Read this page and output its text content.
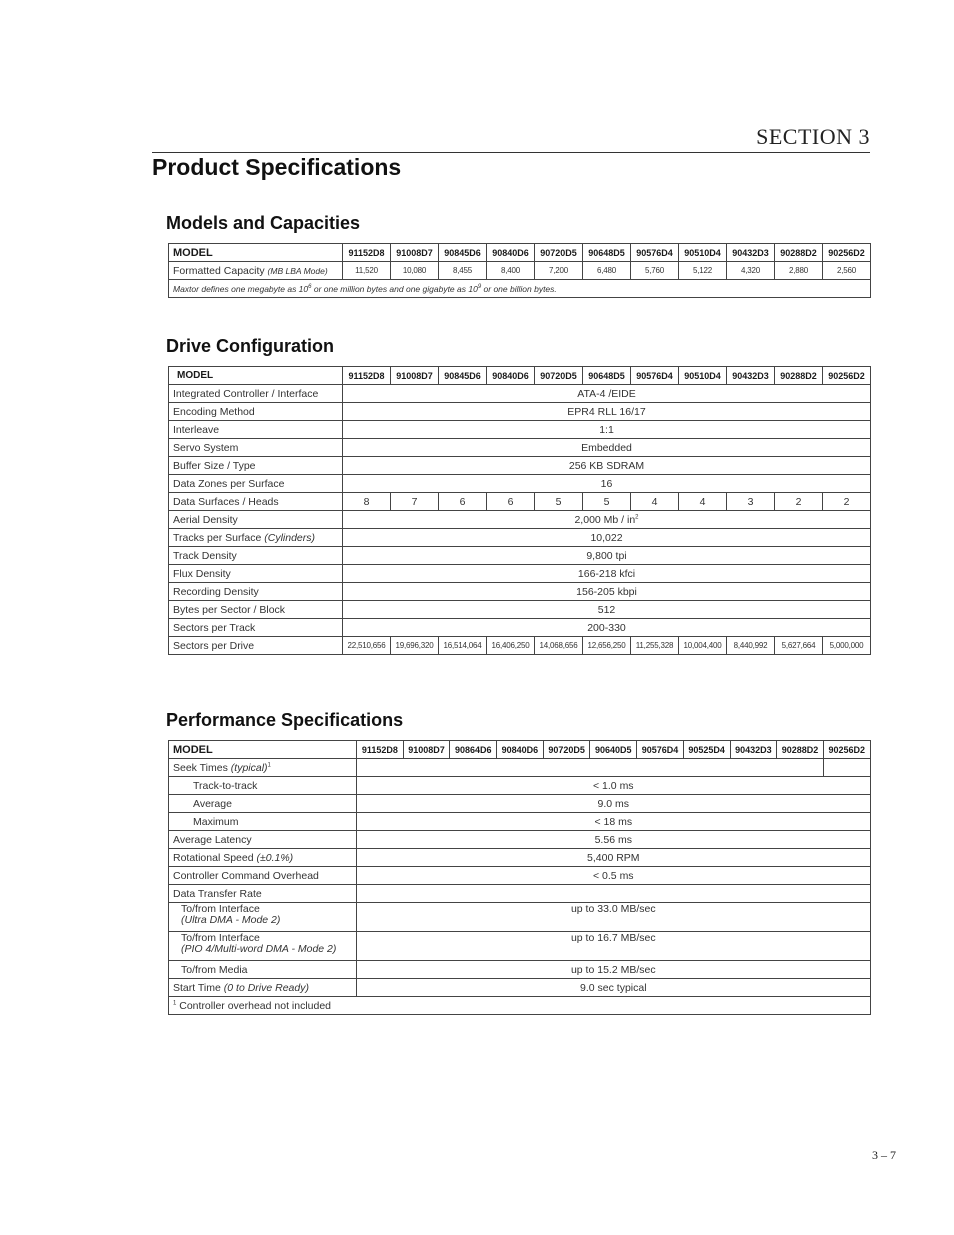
SECTION 3
Product Specifications
Models and Capacities
MODEL	91152D8	91008D7	90845D6	90840D6	90720D5	90648D5	90576D4	90510D4	90432D3	90288D2	90256D2
Formatted Capacity (MB LBA Mode)	11,520	10,080	8,455	8,400	7,200	6,480	5,760	5,122	4,320	2,880	2,560
Maxtor defines one megabyte as $10^6$ or one million bytes and one gigabyte as $10^9$ or one billion bytes.											
Drive Configuration
MODEL	91152D8	91008D7	90845D6	90840D6	90720D5	90648D5	90576D4	90510D4	90432D3	90288D2	90256D2
Integrated Controller / Interface	ATA-4 /EIDE										
Encoding Method	EPR4 RLL 16/17										
Interleave	1:1										
Servo System	Embedded										
Buffer Size / Type	256 KB SDRAM										
Data Zones per Surface	16										
Data Surfaces / Heads	8	7	6	6	5	5	4	4	3	2	2
Aerial Density	2,000 Mb / $in^2$
Tracks per Surface (Cylinders)	10,022										
Track Density	9,800 tpi										
Flux Density	166-218 kfci										
Recording Density	156-205 kbpi										
Bytes per Sector / Block	512										
Sectors per Track	200-330										
Sectors per Drive	22,510,656	19,696,320	16,514,064	16,406,250	14,068,656	12,656,250	11,255,328	10,004,400	8,440,992	5,627,664	5,000,000
Performance Specifications
MODEL	91152D8	91008D7	90864D6	90840D6	90720D5	90640D5	90576D4	90525D4	90432D3	90288D2	90256D2
Seek Times (typical)$^1$		
Track-to-track	< 1.0 ms										
Average	9.0 ms										
Maximum	< 18 ms										
Average Latency	5.56 ms										
Rotational Speed (±0.1%)	5,400 RPM										
Controller Command Overhead	< 0.5 ms										
Data Transfer Rate											
To/from Interface
(Ultra DMA - Mode 2)	up to 33.0 MB/sec										
To/from Interface
(PIO 4/Multi-word DMA - Mode 2)	up to 16.7 MB/sec										
To/from Media	up to 15.2 MB/sec										
Start Time (0 to Drive Ready)	9.0 sec typical										
$^1$ Controller overhead not included											
3 – 7
